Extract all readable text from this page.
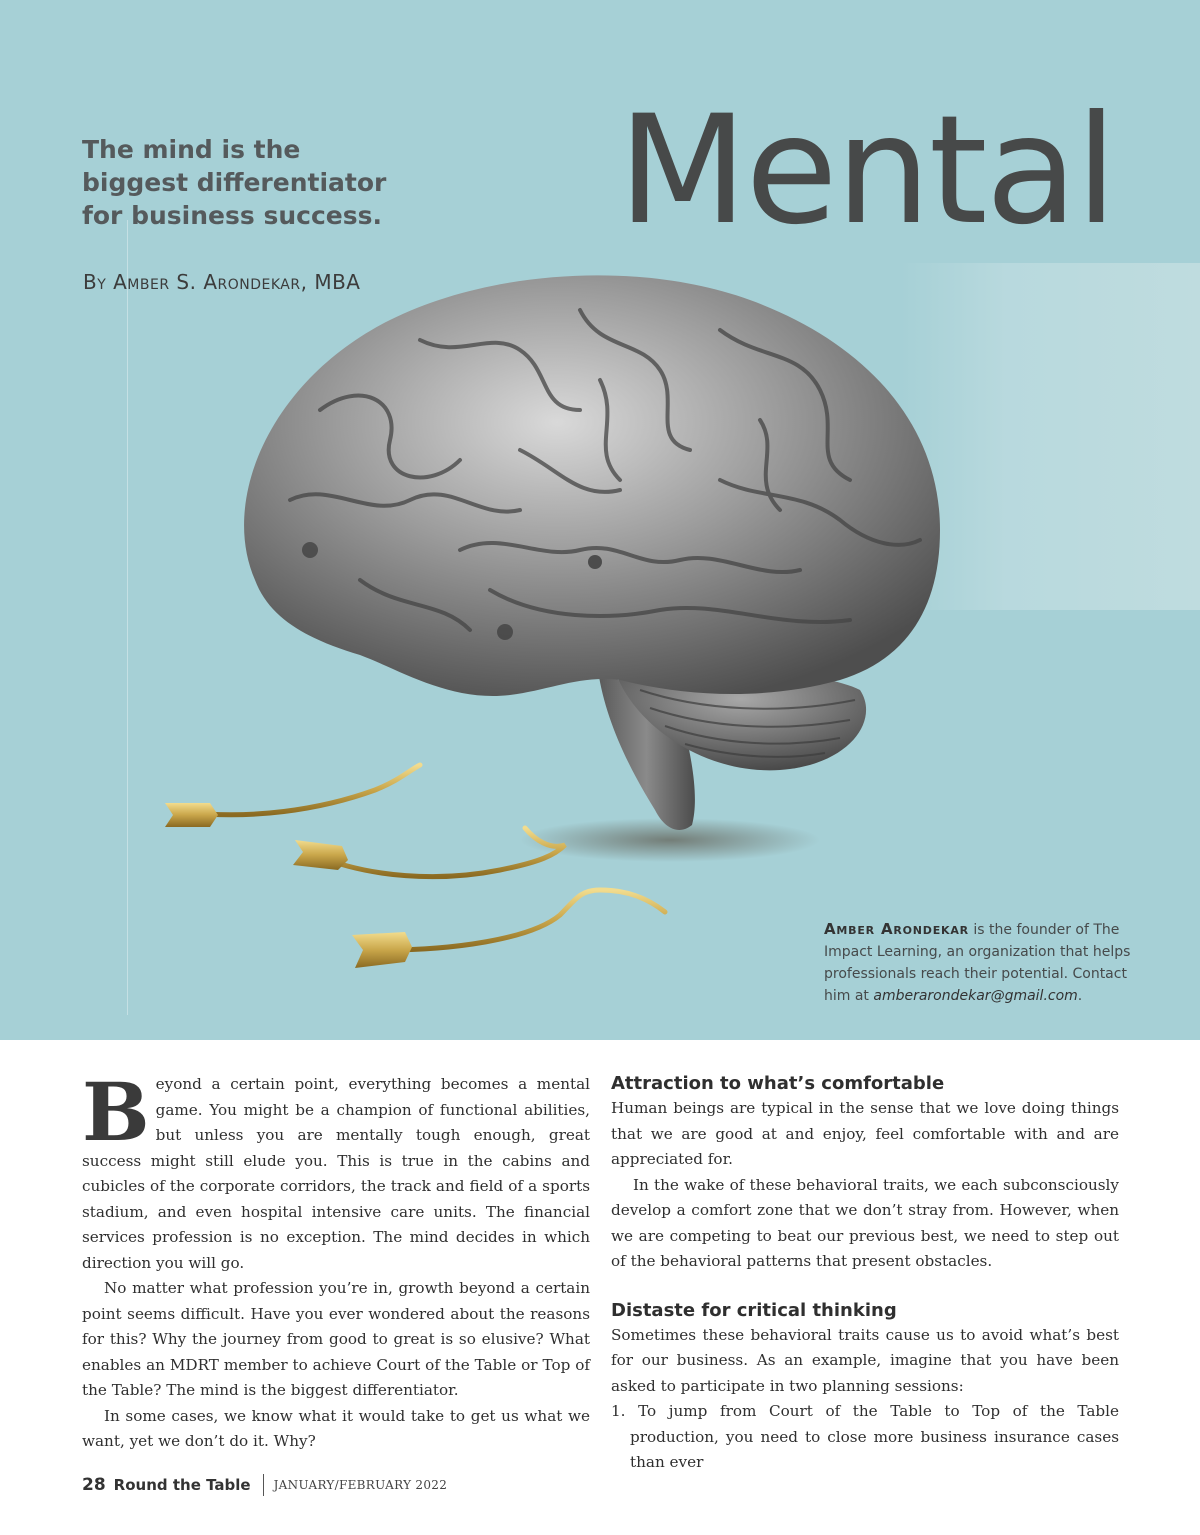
The mind is the
biggest differentiator
for business success. Mental
By Amber S. Arondekar, MBA
Amber Arondekar is the founder of The Impact Learning, an organization that helps professionals reach their potential. Contact him at amberarondekar@gmail.com.

Beyond a certain point, everything becomes a mental game. You might be a champion of functional abilities, but unless you are mentally tough enough, great success might still elude you. This is true in the cabins and cubicles of the corporate corridors, the track and field of a sports stadium, and even hospital intensive care units. The financial services profession is no exception. The mind decides in which direction you will go.

No matter what profession you’re in, growth beyond a certain point seems difficult. Have you ever wondered about the reasons for this? Why the journey from good to great is so elusive? What enables an MDRT member to achieve Court of the Table or Top of the Table? The mind is the biggest differentiator.

In some cases, we know what it would take to get us what we want, yet we don’t do it. Why?

Attraction to what’s comfortable

Human beings are typical in the sense that we love doing things that we are good at and enjoy, feel comfortable with and are appreciated for.

In the wake of these behavioral traits, we each subconsciously develop a comfort zone that we don’t stray from. However, when we are competing to beat our previous best, we need to step out of the behavioral patterns that present obstacles.

Distaste for critical thinking

Sometimes these behavioral traits cause us to avoid what’s best for our business. As an example, imagine that you have been asked to participate in two planning sessions:

1. To jump from Court of the Table to Top of the Table production, you need to close more business insurance cases than ever

28 Round the Table JANUARY/FEBRUARY 2022
